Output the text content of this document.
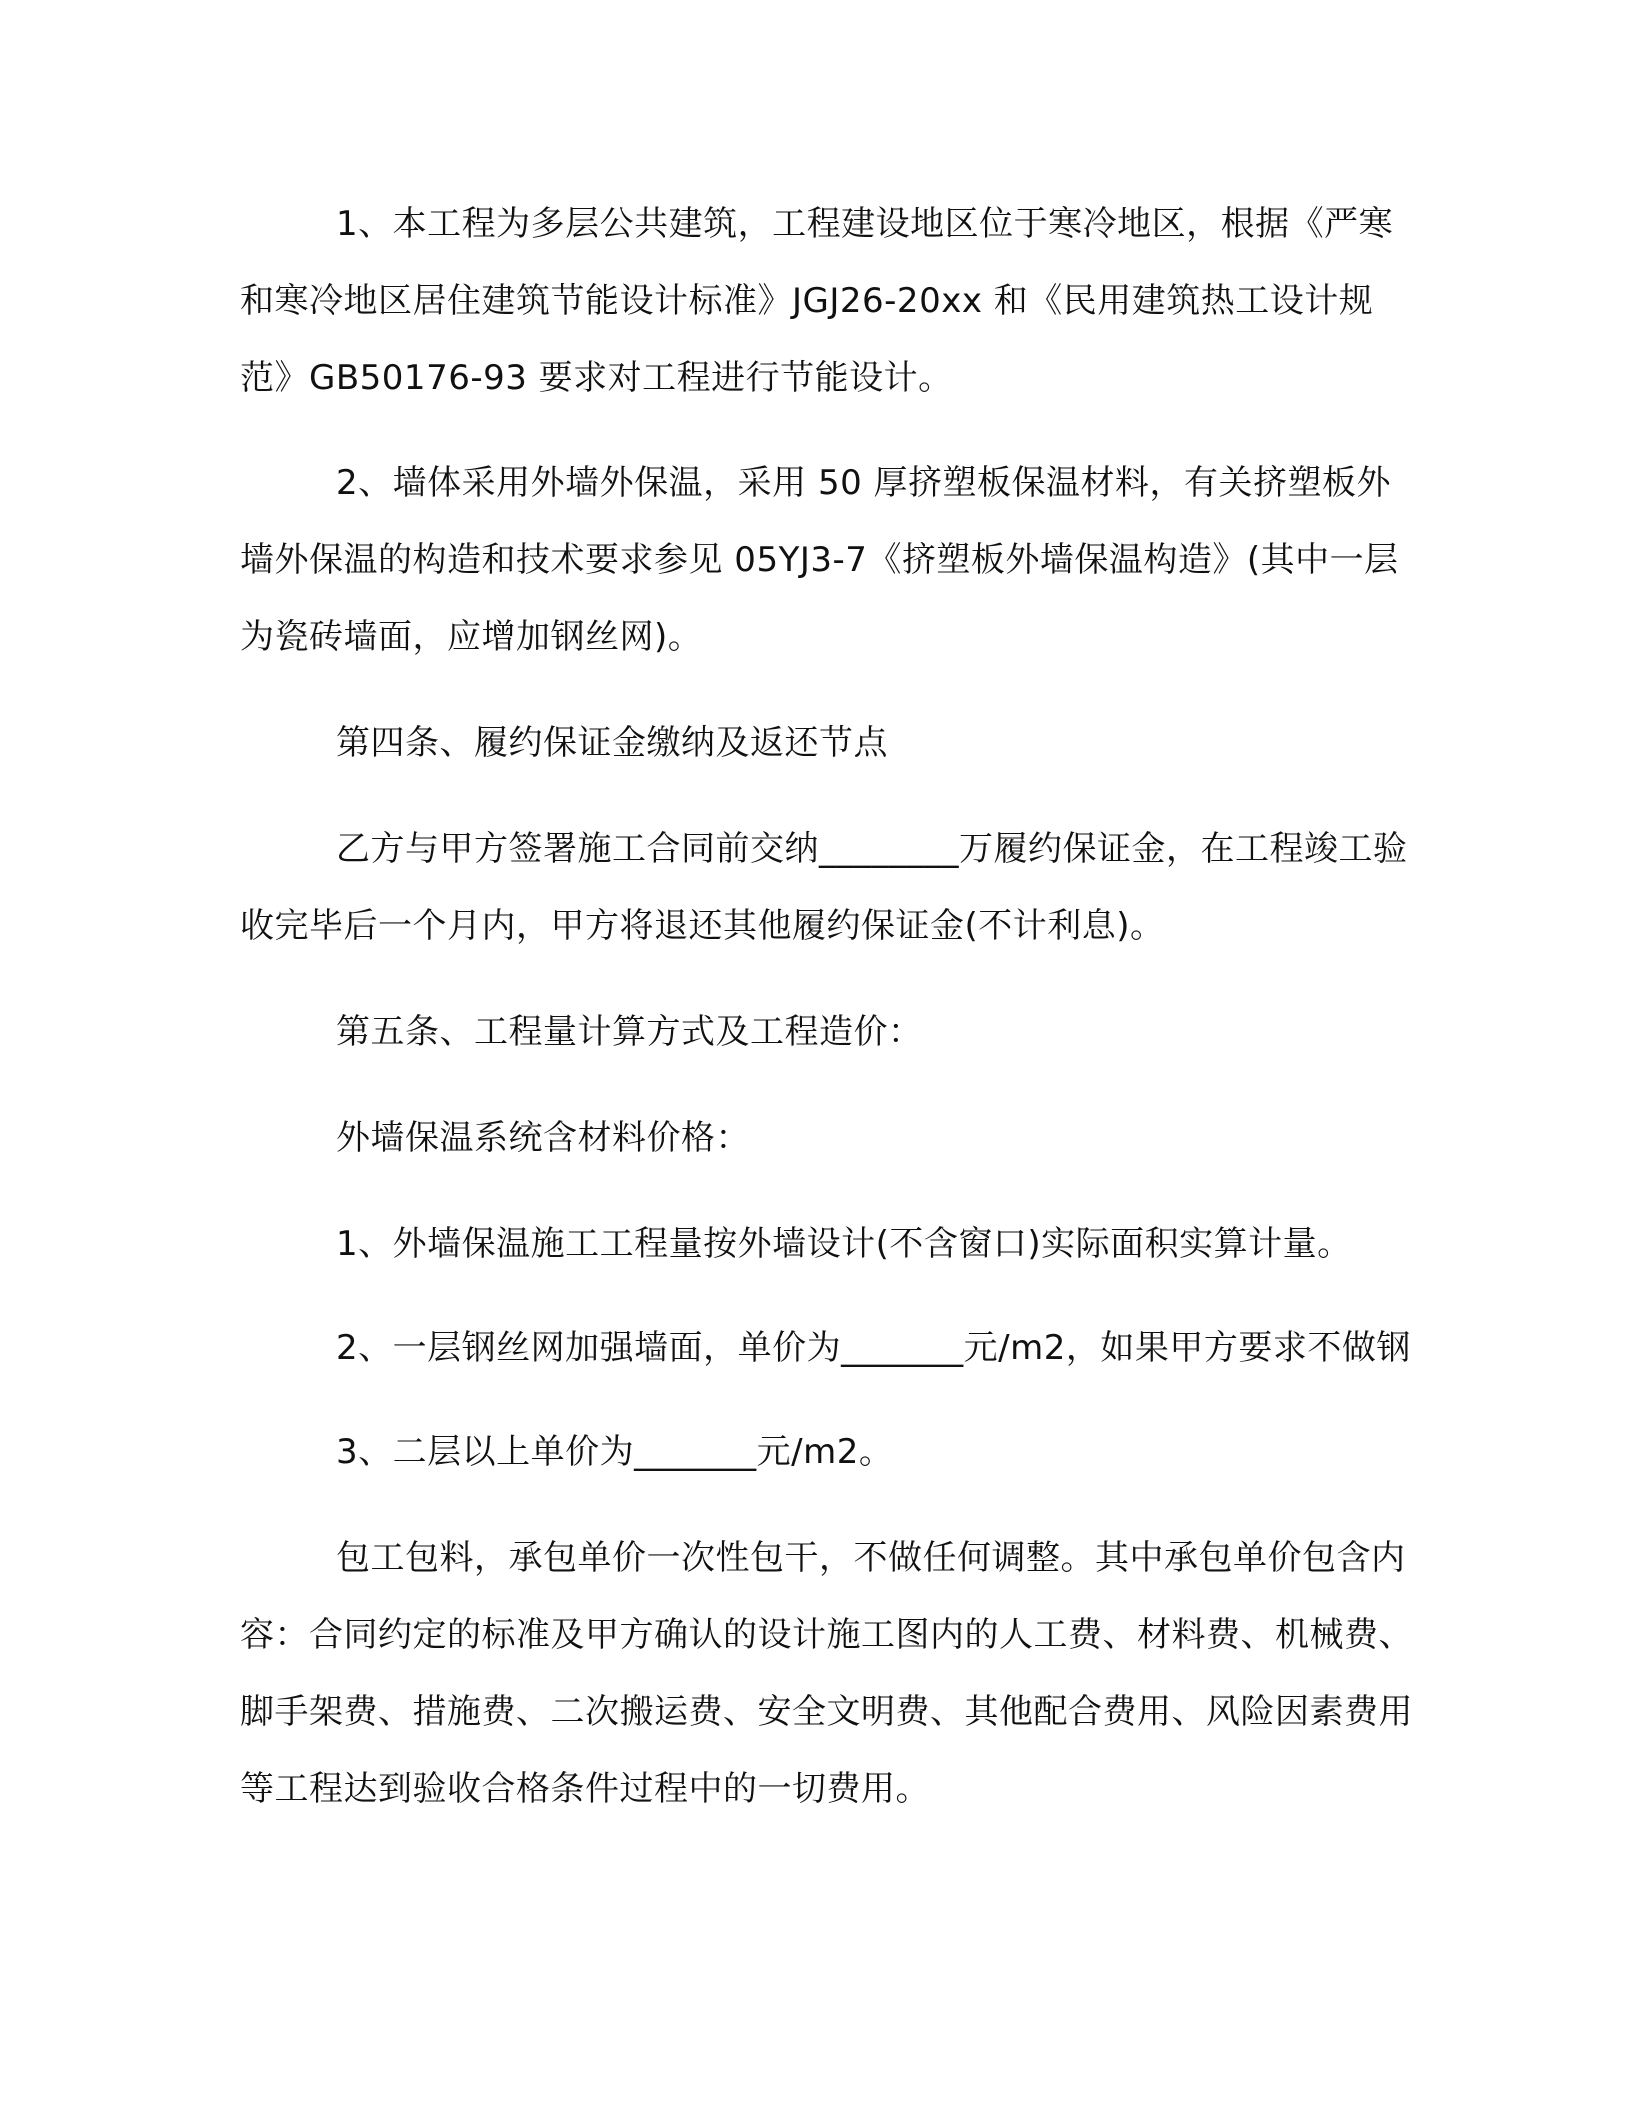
1、本工程为多层公共建筑，工程建设地区位于寒冷地区，根据《严寒和寒冷地区居住建筑节能设计标准》JGJ26-20xx 和《民用建筑热工设计规范》GB50176-93 要求对工程进行节能设计。

2、墙体采用外墙外保温，采用 50 厚挤塑板保温材料，有关挤塑板外墙外保温的构造和技术要求参见 05YJ3-7《挤塑板外墙保温构造》(其中一层为瓷砖墙面，应增加钢丝网)。

第四条、履约保证金缴纳及返还节点

乙方与甲方签署施工合同前交纳________万履约保证金，在工程竣工验收完毕后一个月内，甲方将退还其他履约保证金(不计利息)。

第五条、工程量计算方式及工程造价：

外墙保温系统含材料价格：

1、外墙保温施工工程量按外墙设计(不含窗口)实际面积实算计量。

2、一层钢丝网加强墙面，单价为_______元/m2，如果甲方要求不做钢

3、二层以上单价为_______元/m2。

包工包料，承包单价一次性包干，不做任何调整。其中承包单价包含内容：合同约定的标准及甲方确认的设计施工图内的人工费、材料费、机械费、脚手架费、措施费、二次搬运费、安全文明费、其他配合费用、风险因素费用等工程达到验收合格条件过程中的一切费用。
